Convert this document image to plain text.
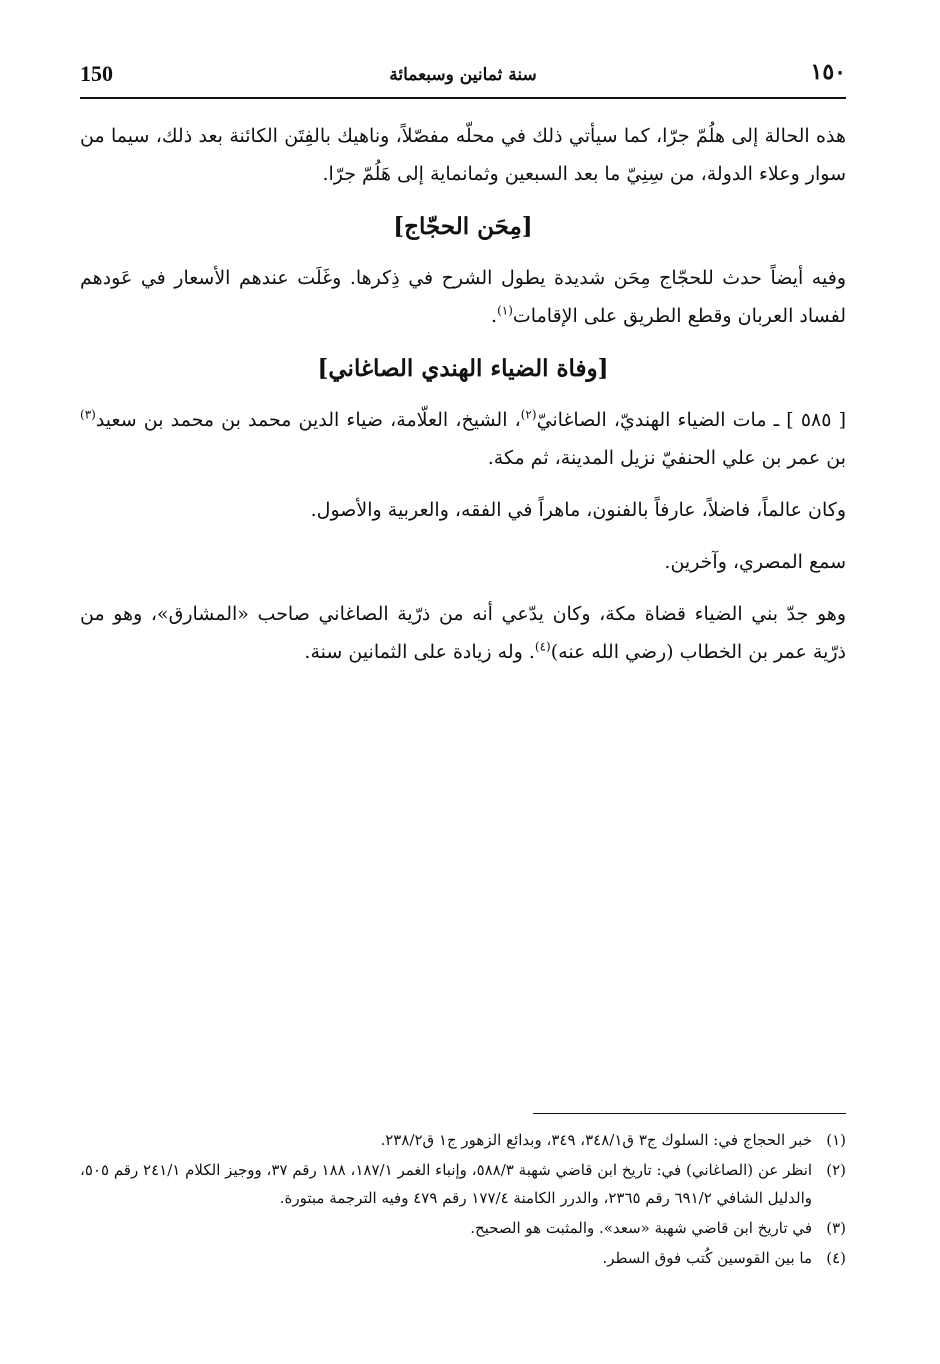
150	سنة ثمانين وسبعمائة	١٥٠

هذه الحالة إلى هلُمّ جرّا، كما سيأتي ذلك في محلّه مفصّلاً، وناهيك بالفِتَن الكائنة بعد ذلك، سيما من سوار وعلاء الدولة، من سِنِيّ ما بعد السبعين وثمانماية إلى هَلُمّ جرّا.

[مِحَن الحجّاج]

وفيه أيضاً حدث للحجّاج مِحَن شديدة يطول الشرح في ذِكرها. وغَلَت عندهم الأسعار في عَودهم لفساد العربان وقطع الطريق على الإقامات$^{(١)}$.

[وفاة الضياء الهندي الصاغاني]

[ ٥٨٥ ] ـ مات الضياء الهنديّ، الصاغانيّ$^{(٢)}$، الشيخ، العلّامة، ضياء الدين محمد بن محمد بن سعيد$^{(٣)}$ بن عمر بن علي الحنفيّ نزيل المدينة، ثم مكة.

وكان عالماً، فاضلاً، عارفاً بالفنون، ماهراً في الفقه، والعربية والأصول.

سمع المصري، وآخرين.

وهو جدّ بني الضياء قضاة مكة، وكان يدّعي أنه من ذرّية الصاغاني صاحب «المشارق»، وهو من ذرّية عمر بن الخطاب (رضي الله عنه)$^{(٤)}$. وله زيادة على الثمانين سنة.

(١)
خبر الحجاج في: السلوك ج٣ ق٣٤٨/١، ٣٤٩، وبدائع الزهور ج١ ق٢٣٨/٢.
(٢)
انظر عن (الصاغاني) في: تاريخ ابن قاضي شهبة ٥٨٨/٣، وإنباء الغمر ١٨٧/١، ١٨٨ رقم ٣٧، ووجيز الكلام ٢٤١/١ رقم ٥٠٥، والدليل الشافي ٦٩١/٢ رقم ٢٣٦٥، والدرر الكامنة ١٧٧/٤ رقم ٤٧٩ وفيه الترجمة مبتورة.
(٣)
في تاريخ ابن قاضي شهبة «سعد». والمثبت هو الصحيح.
(٤)
ما بين القوسين كُتب فوق السطر.
